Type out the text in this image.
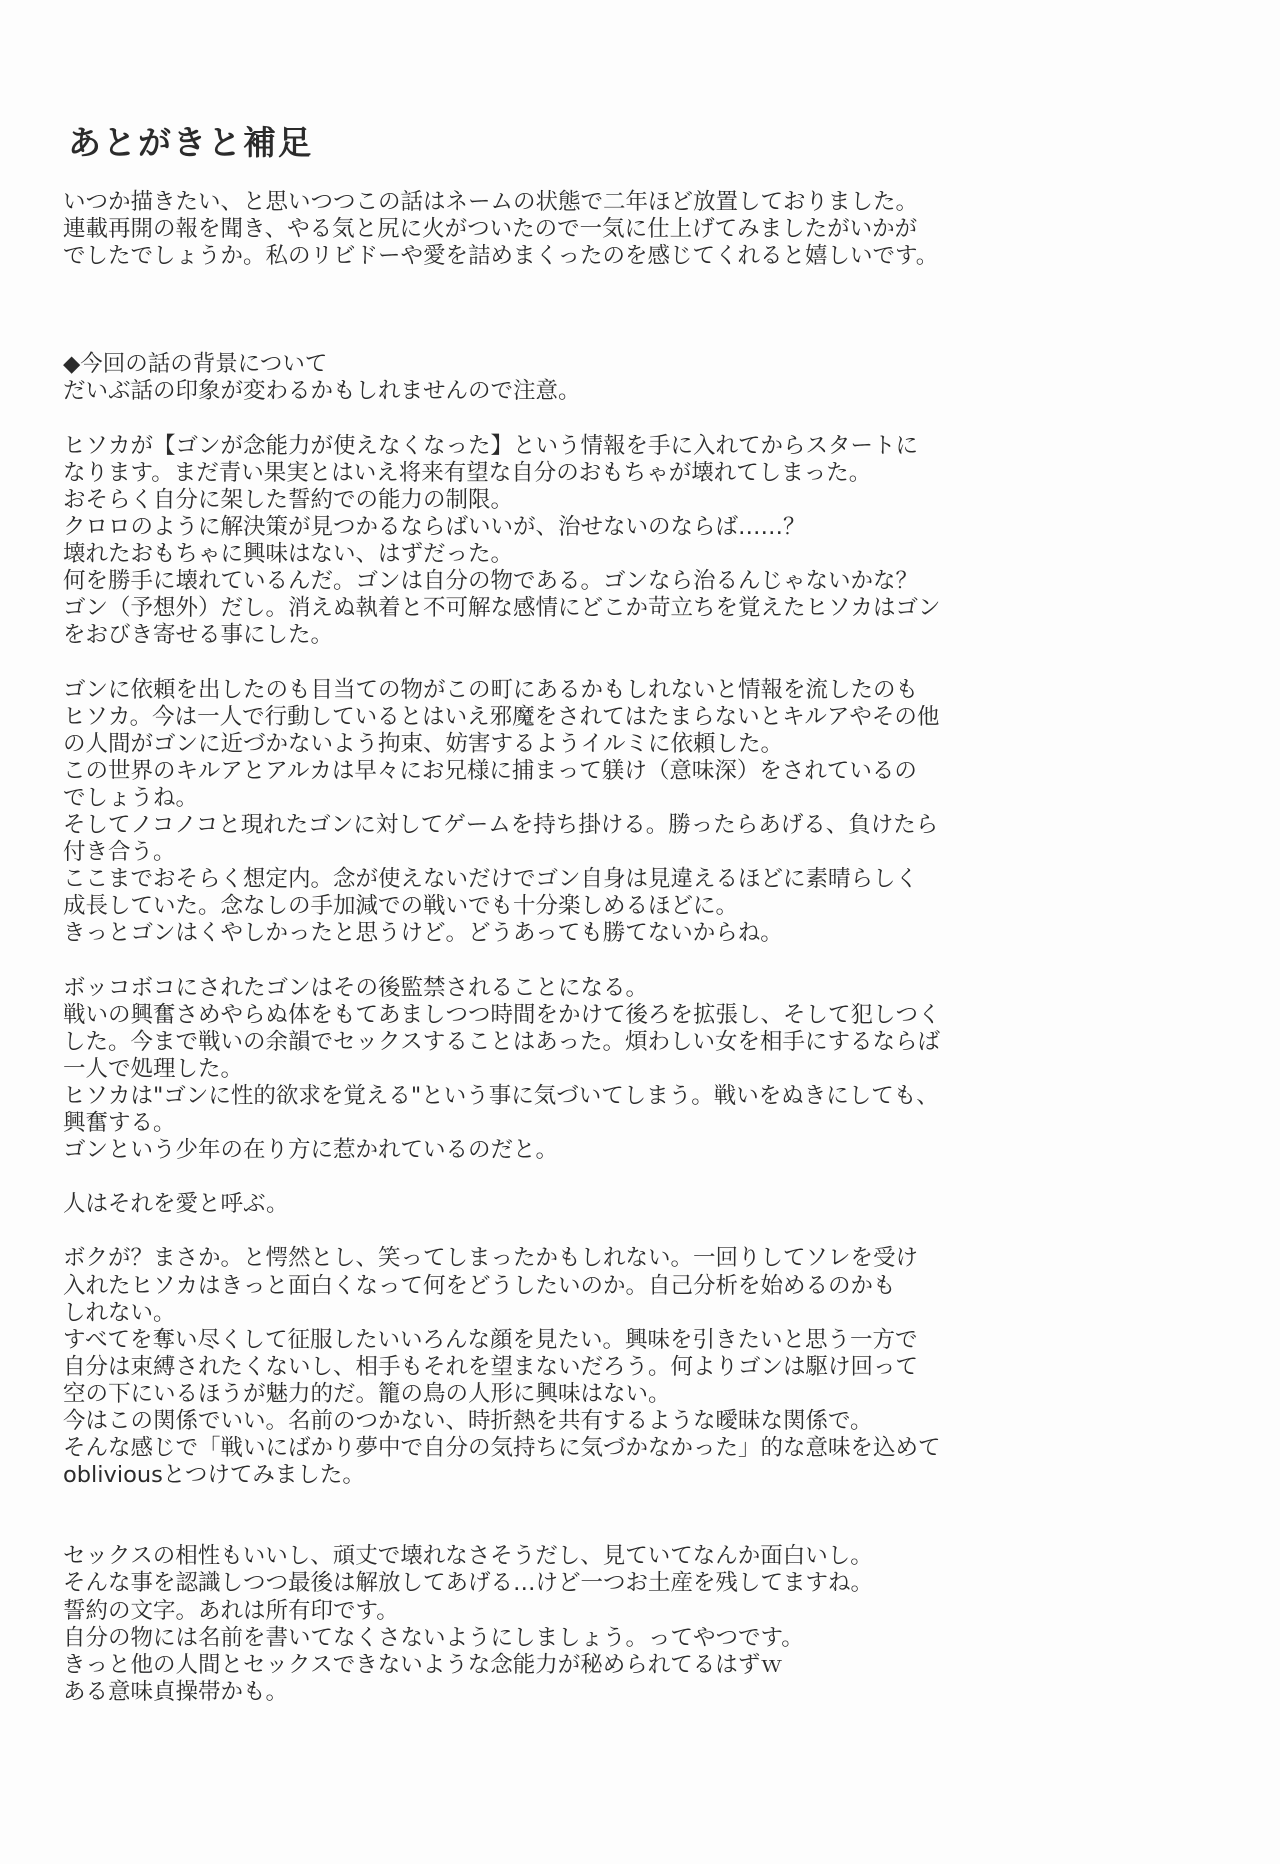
あとがきと補足
いつか描きたい、と思いつつこの話はネームの状態で二年ほど放置しておりました。
連載再開の報を聞き、やる気と尻に火がついたので一気に仕上げてみましたがいかが
でしたでしょうか。私のリビドーや愛を詰めまくったのを感じてくれると嬉しいです。
◆今回の話の背景について
だいぶ話の印象が変わるかもしれませんので注意。
ヒソカが【ゴンが念能力が使えなくなった】という情報を手に入れてからスタートに
なります。まだ青い果実とはいえ将来有望な自分のおもちゃが壊れてしまった。
おそらく自分に架した誓約での能力の制限。
クロロのように解決策が見つかるならばいいが、治せないのならば……？
壊れたおもちゃに興味はない、はずだった。
何を勝手に壊れているんだ。ゴンは自分の物である。ゴンなら治るんじゃないかな？
ゴン（予想外）だし。消えぬ執着と不可解な感情にどこか苛立ちを覚えたヒソカはゴン
をおびき寄せる事にした。
ゴンに依頼を出したのも目当ての物がこの町にあるかもしれないと情報を流したのも
ヒソカ。今は一人で行動しているとはいえ邪魔をされてはたまらないとキルアやその他
の人間がゴンに近づかないよう拘束、妨害するようイルミに依頼した。
この世界のキルアとアルカは早々にお兄様に捕まって躾け（意味深）をされているの
でしょうね。
そしてノコノコと現れたゴンに対してゲームを持ち掛ける。勝ったらあげる、負けたら
付き合う。
ここまでおそらく想定内。念が使えないだけでゴン自身は見違えるほどに素晴らしく
成長していた。念なしの手加減での戦いでも十分楽しめるほどに。
きっとゴンはくやしかったと思うけど。どうあっても勝てないからね。
ボッコボコにされたゴンはその後監禁されることになる。
戦いの興奮さめやらぬ体をもてあましつつ時間をかけて後ろを拡張し、そして犯しつく
した。今まで戦いの余韻でセックスすることはあった。煩わしい女を相手にするならば
一人で処理した。
ヒソカは"ゴンに性的欲求を覚える"という事に気づいてしまう。戦いをぬきにしても、
興奮する。
ゴンという少年の在り方に惹かれているのだと。
人はそれを愛と呼ぶ。
ボクが？まさか。と愕然とし、笑ってしまったかもしれない。一回りしてソレを受け
入れたヒソカはきっと面白くなって何をどうしたいのか。自己分析を始めるのかも
しれない。
すべてを奪い尽くして征服したいいろんな顔を見たい。興味を引きたいと思う一方で
自分は束縛されたくないし、相手もそれを望まないだろう。何よりゴンは駆け回って
空の下にいるほうが魅力的だ。籠の鳥の人形に興味はない。
今はこの関係でいい。名前のつかない、時折熱を共有するような曖昧な関係で。
そんな感じで「戦いにばかり夢中で自分の気持ちに気づかなかった」的な意味を込めて
obliviousとつけてみました。
セックスの相性もいいし、頑丈で壊れなさそうだし、見ていてなんか面白いし。
そんな事を認識しつつ最後は解放してあげる…けど一つお土産を残してますね。
誓約の文字。あれは所有印です。
自分の物には名前を書いてなくさないようにしましょう。ってやつです。
きっと他の人間とセックスできないような念能力が秘められてるはずｗ
ある意味貞操帯かも。
